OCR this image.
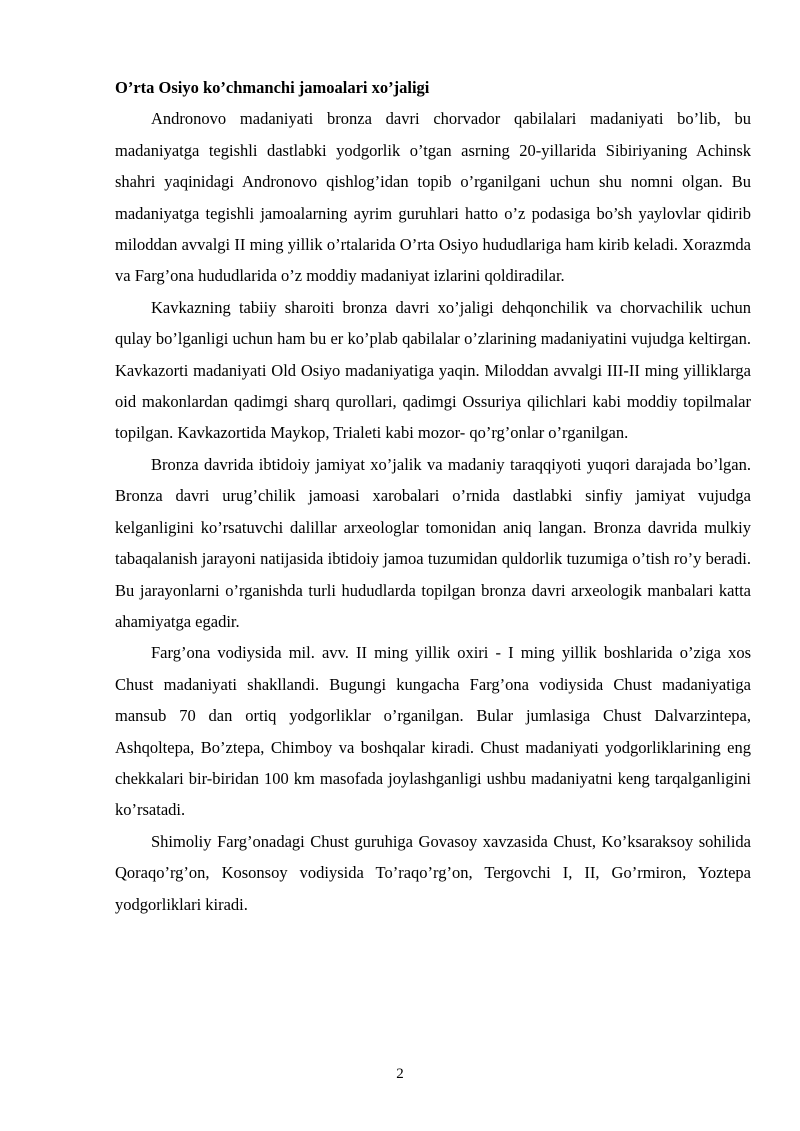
O’rta Osiyo ko’chmanchi jamoalari xo’jaligi

Andronovo madaniyati bronza davri chorvador qabilalari madaniyati bo’lib, bu madaniyatga tegishli dastlabki yodgorlik o’tgan asrning 20-yillarida Sibiriyaning Achinsk shahri yaqinidagi Andronovo qishlog’idan topib o’rganilgani uchun shu nomni olgan. Bu madaniyatga tegishli jamoalarning ayrim guruhlari hatto o’z podasiga bo’sh yaylovlar qidirib miloddan avvalgi II ming yillik o’rtalarida O’rta Osiyo hududlariga ham kirib keladi. Xorazmda va Farg’ona hududlarida o’z moddiy madaniyat izlarini qoldiradilar.

Kavkazning tabiiy sharoiti bronza davri xo’jaligi dehqonchilik va chorvachilik uchun qulay bo’lganligi uchun ham bu er ko’plab qabilalar o’zlarining madaniyatini vujudga keltirgan. Kavkazorti madaniyati Old Osiyo madaniyatiga yaqin. Miloddan avvalgi III-II ming yilliklarga oid makonlardan qadimgi sharq qurollari, qadimgi Ossuriya qilichlari kabi moddiy topilmalar topilgan. Kavkazortida Maykop, Trialeti kabi mozor- qo’rg’onlar o’rganilgan.

Bronza davrida ibtidoiy jamiyat xo’jalik va madaniy taraqqiyoti yuqori darajada bo’lgan. Bronza davri urug’chilik jamoasi xarobalari o’rnida dastlabki sinfiy jamiyat vujudga kelganligini ko’rsatuvchi dalillar arxeologlar tomonidan aniq langan. Bronza davrida mulkiy tabaqalanish jarayoni natijasida ibtidoiy jamoa tuzumidan quldorlik tuzumiga o’tish ro’y beradi. Bu jarayonlarni o’rganishda turli hududlarda topilgan bronza davri arxeologik manbalari katta ahamiyatga egadir.

Farg’ona vodiysida mil. avv. II ming yillik oxiri - I ming yillik boshlarida o’ziga xos Chust madaniyati shakllandi. Bugungi kungacha Farg’ona vodiysida Chust madaniyatiga mansub 70 dan ortiq yodgorliklar o’rganilgan. Bular jumlasiga Chust Dalvarzintepa, Ashqoltepa, Bo’ztepa, Chimboy va boshqalar kiradi. Chust madaniyati yodgorliklarining eng chekkalari bir-biridan 100 km masofada joylashganligi ushbu madaniyatni keng tarqalganligini ko’rsatadi.

Shimoliy Farg’onadagi Chust guruhiga Govasoy xavzasida Chust, Ko’ksaraksoy sohilida Qoraqo’rg’on, Kosonsoy vodiysida To’raqo’rg’on, Tergovchi I, II, Go’rmiron, Yoztepa yodgorliklari kiradi.

2
